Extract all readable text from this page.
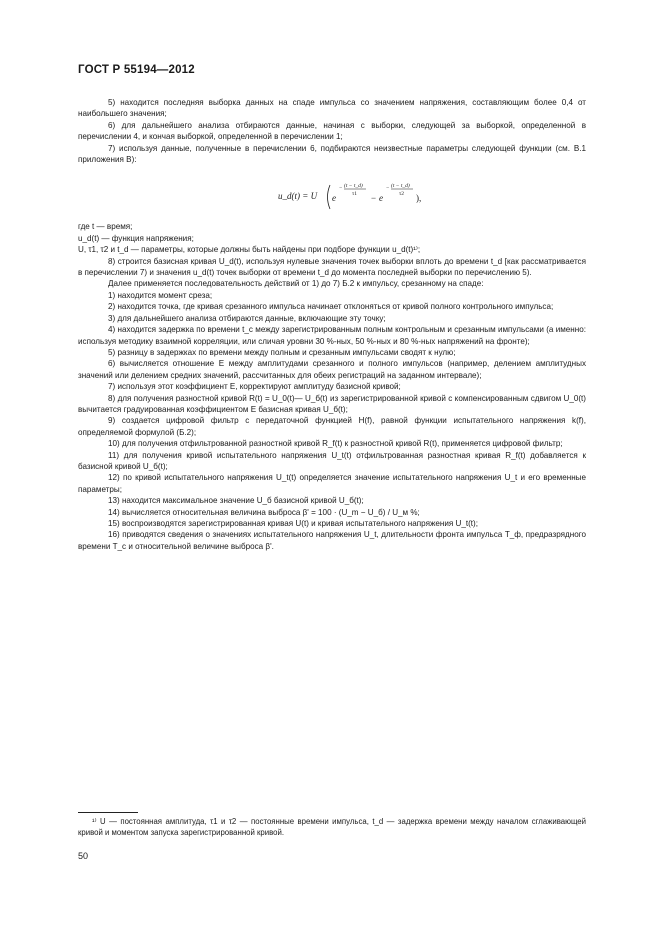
ГОСТ Р 55194—2012

5) находится последняя выборка данных на спаде импульса со значением напряжения, составляющим более 0,4 от наибольшего значения;

6) для дальнейшего анализа отбираются данные, начиная с выборки, следующей за выборкой, определенной в перечислении 4, и кончая выборкой, определенной в перечислении 1;

7) используя данные, полученные в перечислении 6, подбираются неизвестные параметры следующей функции (см. В.1 приложения В):

u_d(t) = U e
− (t − t_d)
τ1 − e
− (t − t_d)
τ2 ),

где t — время;

u_d(t) — функция напряжения;

U, τ1, τ2 и t_d — параметры, которые должны быть найдены при подборе функции u_d(t)¹⁾;

8) строится базисная кривая U_d(t), используя нулевые значения точек выборки вплоть до времени t_d [как рассматривается в перечислении 7) и значения u_d(t) точек выборки от времени t_d до момента последней выборки по перечислению 5).

Далее применяется последовательность действий от 1) до 7) Б.2 к импульсу, срезанному на спаде:

1) находится момент среза;

2) находится точка, где кривая срезанного импульса начинает отклоняться от кривой полного контрольного импульса;

3) для дальнейшего анализа отбираются данные, включающие эту точку;

4) находится задержка по времени t_c между зарегистрированным полным контрольным и срезанным импульсами (а именно: используя методику взаимной корреляции, или сличая уровни 30 %-ных, 50 %-ных и 80 %-ных напряжений на фронте);

5) разницу в задержках по времени между полным и срезанным импульсами сводят к нулю;

6) вычисляется отношение E между амплитудами срезанного и полного импульсов (например, делением амплитудных значений или делением средних значений, рассчитанных для обеих регистраций на заданном интервале);

7) используя этот коэффициент E, корректируют амплитуду базисной кривой;

8) для получения разностной кривой R(t) = U_0(t)— U_б(t) из зарегистрированной кривой с компенсированным сдвигом U_0(t) вычитается градуированная коэффициентом E базисная кривая U_б(t);

9) создается цифровой фильтр с передаточной функцией H(f), равной функции испытательного напряжения k(f), определяемой формулой (Б.2);

10) для получения отфильтрованной разностной кривой R_f(t) к разностной кривой R(t), применяется цифровой фильтр;

11) для получения кривой испытательного напряжения U_t(t) отфильтрованная разностная кривая R_f(t) добавляется к базисной кривой U_б(t);

12) по кривой испытательного напряжения U_t(t) определяется значение испытательного напряжения U_t и его временные параметры;

13) находится максимальное значение U_б базисной кривой U_б(t);

14) вычисляется относительная величина выброса β' = 100 · (U_m − U_б) / U_м %;

15) воспроизводятся зарегистрированная кривая U(t) и кривая испытательного напряжения U_t(t);

16) приводятся сведения о значениях испытательного напряжения U_t, длительности фронта импульса T_ф, предразрядного времени T_c и относительной величине выброса β'.

¹⁾ U — постоянная амплитуда, τ1 и τ2 — постоянные времени импульса, t_d — задержка времени между началом сглаживающей кривой и моментом запуска зарегистрированной кривой.
50
